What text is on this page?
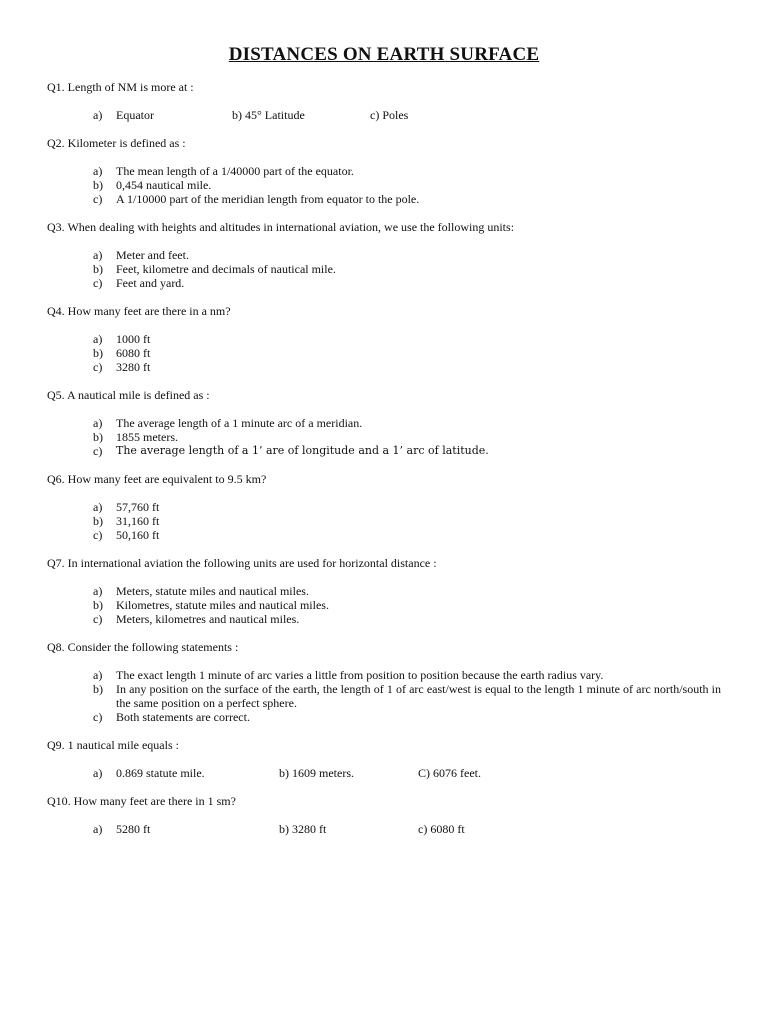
DISTANCES ON EARTH SURFACE
Q1. Length of NM is more at :
a) Equator	b) 45° Latitude	c) Poles
Q2. Kilometer is defined as :
a) The mean length of a 1/40000 part of the equator.
b) 0,454 nautical mile.
c) A 1/10000 part of the meridian length from equator to the pole.
Q3. When dealing with heights and altitudes in international aviation, we use the following units:
a) Meter and feet.
b) Feet, kilometre and decimals of nautical mile.
c) Feet and yard.
Q4. How many feet are there in a nm?
a) 1000 ft
b) 6080 ft
c) 3280 ft
Q5. A nautical mile is defined as :
a) The average length of a 1 minute arc of a meridian.
b) 1855 meters.
c) The average length of a 1’ are of longitude and a 1’ arc of latitude.
Q6. How many feet are equivalent to 9.5 km?
a) 57,760 ft
b) 31,160 ft
c) 50,160 ft
Q7. In international aviation the following units are used for horizontal distance :
a) Meters, statute miles and nautical miles.
b) Kilometres, statute miles and nautical miles.
c) Meters, kilometres and nautical miles.
Q8. Consider the following statements :
a) The exact length 1 minute of arc varies a little from position to position because the earth radius vary.
b) In any position on the surface of the earth, the length of 1 of arc east/west is equal to the length 1 minute of arc north/south in the same position on a perfect sphere.
c) Both statements are correct.
Q9. 1 nautical mile equals :
a) 0.869 statute mile.	b) 1609 meters.	C) 6076 feet.
Q10. How many feet are there in 1 sm?
a) 5280 ft	b) 3280 ft	c) 6080 ft
